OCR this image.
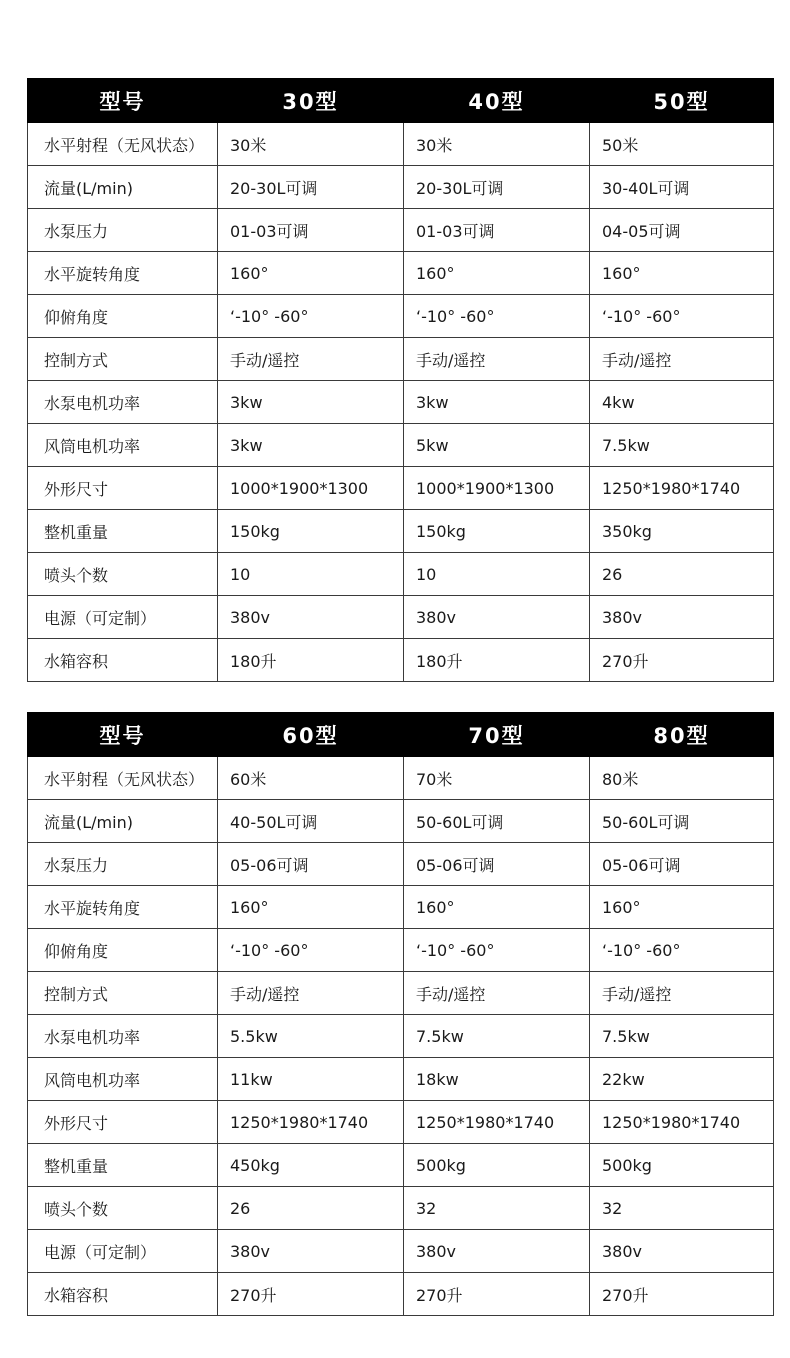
型号	30型	40型	50型
水平射程（无风状态）	30米	30米	50米
流量(L/min)	20-30L可调	20-30L可调	30-40L可调
水泵压力	01-03可调	01-03可调	04-05可调
水平旋转角度	160°	160°	160°
仰俯角度	‘-10° -60°	‘-10° -60°	‘-10° -60°
控制方式	手动/遥控	手动/遥控	手动/遥控
水泵电机功率	3kw	3kw	4kw
风筒电机功率	3kw	5kw	7.5kw
外形尺寸	1000*1900*1300	1000*1900*1300	1250*1980*1740
整机重量	150kg	150kg	350kg
喷头个数	10	10	26
电源（可定制）	380v	380v	380v
水箱容积	180升	180升	270升
型号	60型	70型	80型
水平射程（无风状态）	60米	70米	80米
流量(L/min)	40-50L可调	50-60L可调	50-60L可调
水泵压力	05-06可调	05-06可调	05-06可调
水平旋转角度	160°	160°	160°
仰俯角度	‘-10° -60°	‘-10° -60°	‘-10° -60°
控制方式	手动/遥控	手动/遥控	手动/遥控
水泵电机功率	5.5kw	7.5kw	7.5kw
风筒电机功率	11kw	18kw	22kw
外形尺寸	1250*1980*1740	1250*1980*1740	1250*1980*1740
整机重量	450kg	500kg	500kg
喷头个数	26	32	32
电源（可定制）	380v	380v	380v
水箱容积	270升	270升	270升
